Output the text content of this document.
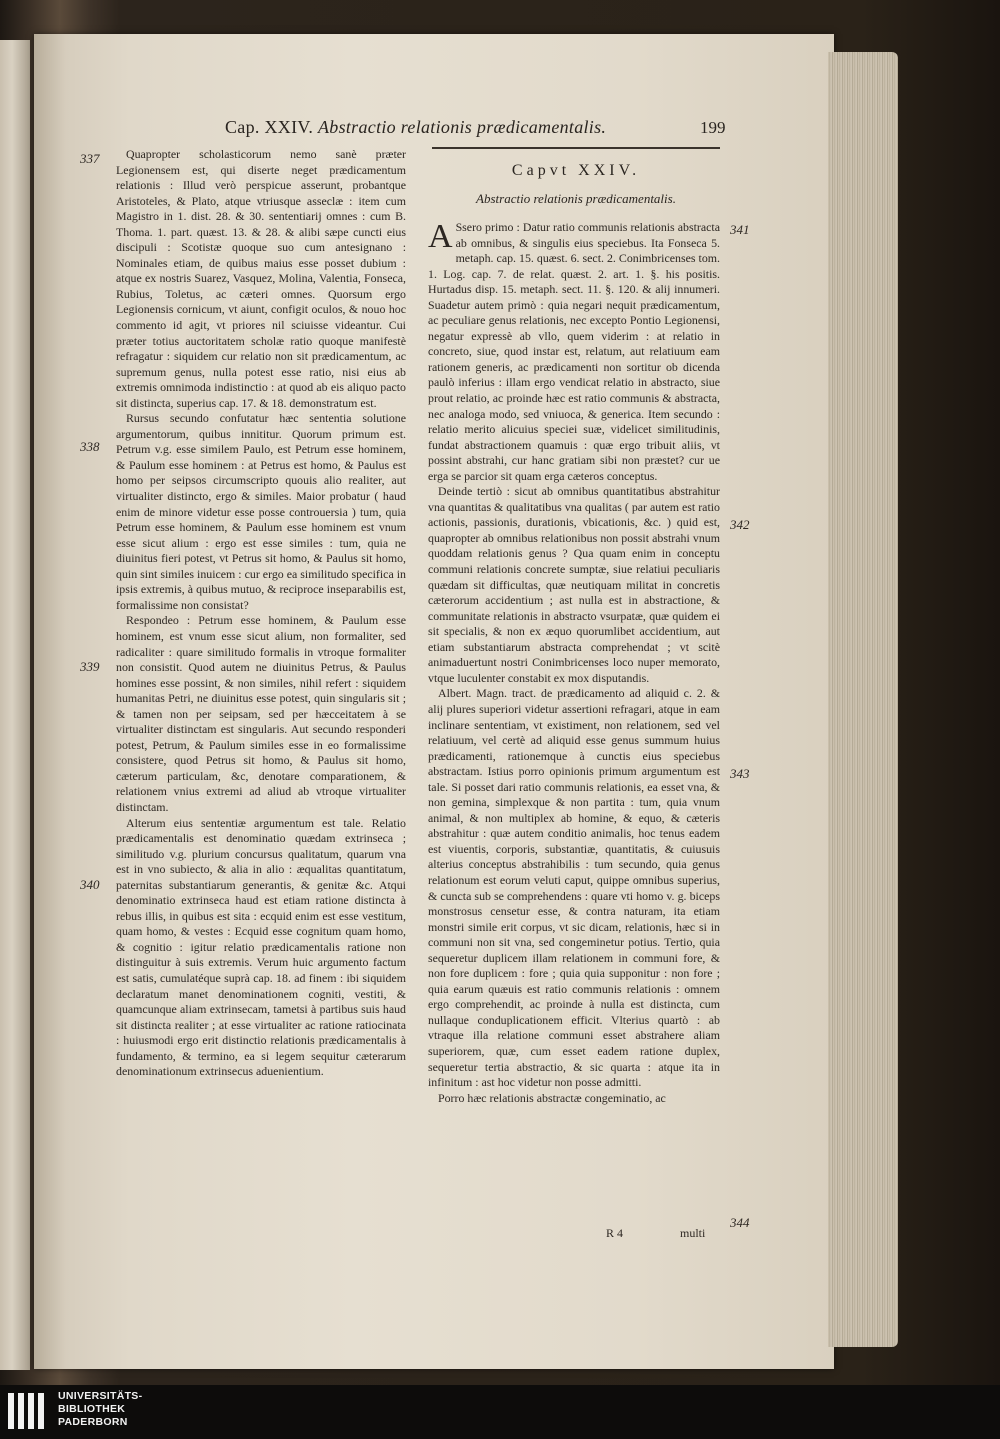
Cap. XXIV. Abstractio relationis prædicamentalis.	199

Quapropter scholasticorum nemo sanè præter Legionensem est, qui diserte neget prædicamentum relationis : Illud verò perspicue asserunt, probantque Aristoteles, & Plato, atque vtriusque asseclæ : item cum Magistro in 1. dist. 28. & 30. sententiarij omnes : cum B. Thoma. 1. part. quæst. 13. & 28. & alibi sæpe cuncti eius discipuli : Scotistæ quoque suo cum antesignano : Nominales etiam, de quibus maius esse posset dubium : atque ex nostris Suarez, Vasquez, Molina, Valentia, Fonseca, Rubius, Toletus, ac cæteri omnes. Quorsum ergo Legionensis cornicum, vt aiunt, configit oculos, & nouo hoc commento id agit, vt priores nil sciuisse videantur. Cui præter totius auctoritatem scholæ ratio quoque manifestè refragatur : siquidem cur relatio non sit prædicamentum, ac supremum genus, nulla potest esse ratio, nisi eius ab extremis omnimoda indistinctio : at quod ab eis aliquo pacto sit distincta, superius cap. 17. & 18. demonstratum est.

Rursus secundo confutatur hæc sententia solutione argumentorum, quibus innititur. Quorum primum est. Petrum v.g. esse similem Paulo, est Petrum esse hominem, & Paulum esse hominem : at Petrus est homo, & Paulus est homo per seipsos circumscripto quouis alio realiter, aut virtualiter distincto, ergo & similes. Maior probatur ( haud enim de minore videtur esse posse controuersia ) tum, quia Petrum esse hominem, & Paulum esse hominem est vnum esse sicut alium : ergo est esse similes : tum, quia ne diuinitus fieri potest, vt Petrus sit homo, & Paulus sit homo, quin sint similes inuicem : cur ergo ea similitudo specifica in ipsis extremis, à quibus mutuo, & reciproce inseparabilis est, formalissime non consistat?

Respondeo : Petrum esse hominem, & Paulum esse hominem, est vnum esse sicut alium, non formaliter, sed radicaliter : quare similitudo formalis in vtroque formaliter non consistit. Quod autem ne diuinitus Petrus, & Paulus homines esse possint, & non similes, nihil refert : siquidem humanitas Petri, ne diuinitus esse potest, quin singularis sit ; & tamen non per seipsam, sed per hæcceitatem à se virtualiter distinctam est singularis. Aut secundo responderi potest, Petrum, & Paulum similes esse in eo formalissime consistere, quod Petrus sit homo, & Paulus sit homo, cæterum particulam, &c, denotare comparationem, & relationem vnius extremi ad aliud ab vtroque virtualiter distinctam.

Alterum eius sententiæ argumentum est tale. Relatio prædicamentalis est denominatio quædam extrinseca ; similitudo v.g. plurium concursus qualitatum, quarum vna est in vno subiecto, & alia in alio : æqualitas quantitatum, paternitas substantiarum generantis, & genitæ &c. Atqui denominatio extrinseca haud est etiam ratione distincta à rebus illis, in quibus est sita : ecquid enim est esse vestitum, quam homo, & vestes : Ecquid esse cognitum quam homo, & cognitio : igitur relatio prædicamentalis ratione non distinguitur à suis extremis. Verum huic argumento factum est satis, cumulatéque suprà cap. 18. ad finem : ibi siquidem declaratum manet denominationem cogniti, vestiti, & quamcunque aliam extrinsecam, tametsi à partibus suis haud sit distincta realiter ; at esse virtualiter ac ratione ratiocinata : huiusmodi ergo erit distinctio relationis prædicamentalis à fundamento, & termino, ea si legem sequitur cæterarum denominationum extrinsecus aduenientium.

Capvt XXIV.
Abstractio relationis prædicamentalis.

A Ssero primo : Datur ratio communis relationis abstracta ab omnibus, & singulis eius speciebus. Ita Fonseca 5. metaph. cap. 15. quæst. 6. sect. 2. Conimbricenses tom. 1. Log. cap. 7. de relat. quæst. 2. art. 1. §. his positis. Hurtadus disp. 15. metaph. sect. 11. §. 120. & alij innumeri. Suadetur autem primò : quia negari nequit prædicamentum, ac peculiare genus relationis, nec excepto Pontio Legionensi, negatur expressè ab vllo, quem viderim : at relatio in concreto, siue, quod instar est, relatum, aut relatiuum eam rationem generis, ac prædicamenti non sortitur ob dicenda paulò inferius : illam ergo vendicat relatio in abstracto, siue prout relatio, ac proinde hæc est ratio communis & abstracta, nec analoga modo, sed vniuoca, & generica. Item secundo : relatio merito alicuius speciei suæ, videlicet similitudinis, fundat abstractionem quamuis : quæ ergo tribuit aliis, vt possint abstrahi, cur hanc gratiam sibi non præstet? cur ue erga se parcior sit quam erga cæteros conceptus.

Deinde tertiò : sicut ab omnibus quantitatibus abstrahitur vna quantitas & qualitatibus vna qualitas ( par autem est ratio actionis, passionis, durationis, vbicationis, &c. ) quid est, quapropter ab omnibus relationibus non possit abstrahi vnum quoddam relationis genus ? Qua quam enim in conceptu communi relationis concrete sumptæ, siue relatiui peculiaris quædam sit difficultas, quæ neutiquam militat in concretis cæterorum accidentium ; ast nulla est in abstractione, & communitate relationis in abstracto vsurpatæ, quæ quidem ei sit specialis, & non ex æquo quorumlibet accidentium, aut etiam substantiarum abstracta comprehendat ; vt scitè animaduertunt nostri Conimbricenses loco nuper memorato, vtque luculenter constabit ex mox disputandis.

Albert. Magn. tract. de prædicamento ad aliquid c. 2. & alij plures superiori videtur assertioni refragari, atque in eam inclinare sententiam, vt existiment, non relationem, sed vel relatiuum, vel certè ad aliquid esse genus summum huius prædicamenti, rationemque à cunctis eius speciebus abstractam. Istius porro opinionis primum argumentum est tale. Si posset dari ratio communis relationis, ea esset vna, & non gemina, simplexque & non partita : tum, quia vnum animal, & non multiplex ab homine, & equo, & cæteris abstrahitur : quæ autem conditio animalis, hoc tenus eadem est viuentis, corporis, substantiæ, quantitatis, & cuiusuis alterius conceptus abstrahibilis : tum secundo, quia genus relationum est eorum veluti caput, quippe omnibus superius, & cuncta sub se comprehendens : quare vti homo v. g. biceps monstrosus censetur esse, & contra naturam, ita etiam monstri simile erit corpus, vt sic dicam, relationis, hæc si in communi non sit vna, sed congeminetur potius. Tertio, quia sequeretur duplicem illam relationem in communi fore, & non fore duplicem : fore ; quia quia supponitur : non fore ; quia earum quæuis est ratio communis relationis : omnem ergo comprehendit, ac proinde à nulla est distincta, cum nullaque conduplicationem efficit. Vlterius quartò : ab vtraque illa relatione communi esset abstrahere aliam superiorem, quæ, cum esset eadem ratione duplex, sequeretur tertia abstractio, & sic quarta : atque ita in infinitum : ast hoc videtur non posse admitti.

Porro hæc relationis abstractæ congeminatio, ac

337
338
339
340
341
342
343
344
R 4	multi
UNIVERSITÄTS-
BIBLIOTHEK
PADERBORN
